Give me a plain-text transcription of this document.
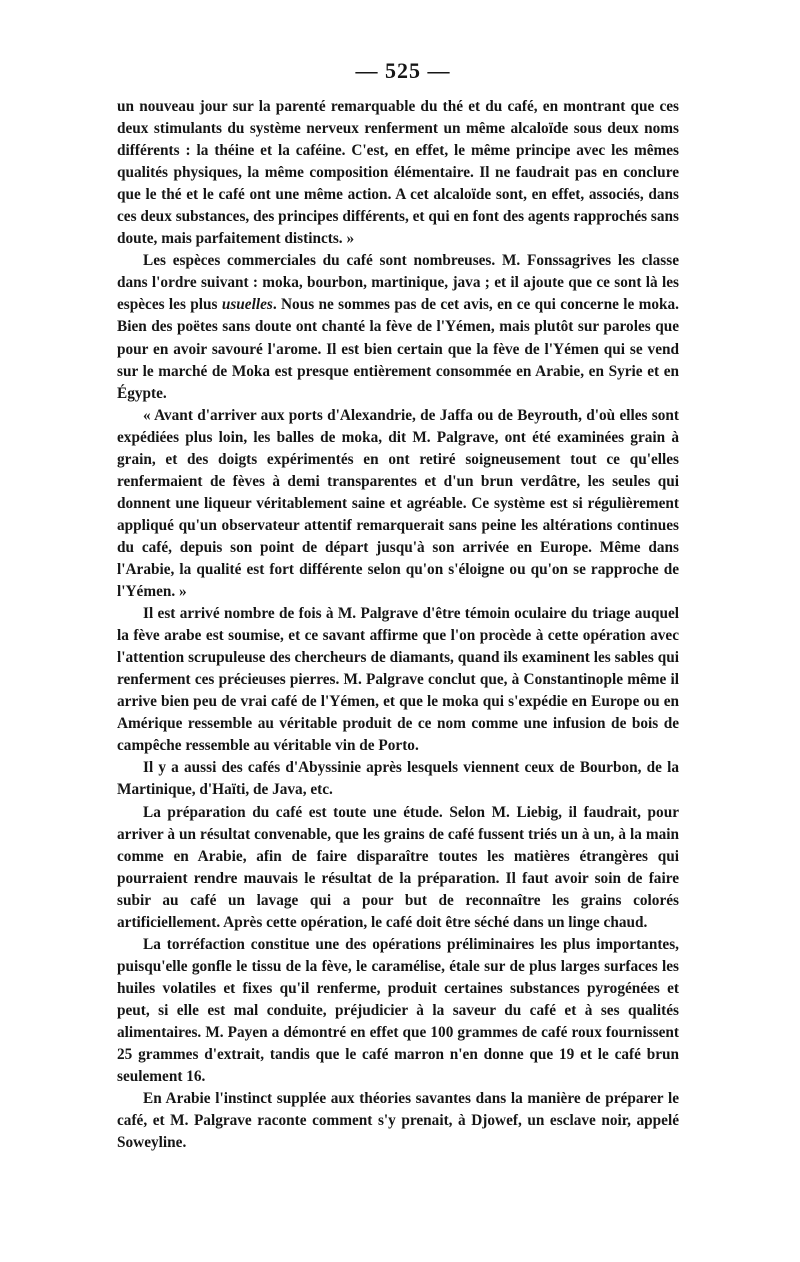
— 525 —

un nouveau jour sur la parenté remarquable du thé et du café, en montrant que ces deux stimulants du système nerveux renferment un même alcaloïde sous deux noms différents : la théine et la caféine. C'est, en effet, le même principe avec les mêmes qualités physiques, la même composition élémentaire. Il ne faudrait pas en conclure que le thé et le café ont une même action. A cet alcaloïde sont, en effet, associés, dans ces deux substances, des principes différents, et qui en font des agents rapprochés sans doute, mais parfaitement distincts. »

Les espèces commerciales du café sont nombreuses. M. Fonssagrives les classe dans l'ordre suivant : moka, bourbon, martinique, java ; et il ajoute que ce sont là les espèces les plus usuelles. Nous ne sommes pas de cet avis, en ce qui concerne le moka. Bien des poëtes sans doute ont chanté la fève de l'Yémen, mais plutôt sur paroles que pour en avoir savouré l'arome. Il est bien certain que la fève de l'Yémen qui se vend sur le marché de Moka est presque entièrement consommée en Arabie, en Syrie et en Égypte.

« Avant d'arriver aux ports d'Alexandrie, de Jaffa ou de Beyrouth, d'où elles sont expédiées plus loin, les balles de moka, dit M. Palgrave, ont été examinées grain à grain, et des doigts expérimentés en ont retiré soigneusement tout ce qu'elles renfermaient de fèves à demi transparentes et d'un brun verdâtre, les seules qui donnent une liqueur véritablement saine et agréable. Ce système est si régulièrement appliqué qu'un observateur attentif remarquerait sans peine les altérations continues du café, depuis son point de départ jusqu'à son arrivée en Europe. Même dans l'Arabie, la qualité est fort différente selon qu'on s'éloigne ou qu'on se rapproche de l'Yémen. »

Il est arrivé nombre de fois à M. Palgrave d'être témoin oculaire du triage auquel la fève arabe est soumise, et ce savant affirme que l'on procède à cette opération avec l'attention scrupuleuse des chercheurs de diamants, quand ils examinent les sables qui renferment ces précieuses pierres. M. Palgrave conclut que, à Constantinople même il arrive bien peu de vrai café de l'Yémen, et que le moka qui s'expédie en Europe ou en Amérique ressemble au véritable produit de ce nom comme une infusion de bois de campêche ressemble au véritable vin de Porto.

Il y a aussi des cafés d'Abyssinie après lesquels viennent ceux de Bourbon, de la Martinique, d'Haïti, de Java, etc.

La préparation du café est toute une étude. Selon M. Liebig, il faudrait, pour arriver à un résultat convenable, que les grains de café fussent triés un à un, à la main comme en Arabie, afin de faire disparaître toutes les matières étrangères qui pourraient rendre mauvais le résultat de la préparation. Il faut avoir soin de faire subir au café un lavage qui a pour but de reconnaître les grains colorés artificiellement. Après cette opération, le café doit être séché dans un linge chaud.

La torréfaction constitue une des opérations préliminaires les plus importantes, puisqu'elle gonfle le tissu de la fève, le caramélise, étale sur de plus larges surfaces les huiles volatiles et fixes qu'il renferme, produit certaines substances pyrogénées et peut, si elle est mal conduite, préjudicier à la saveur du café et à ses qualités alimentaires. M. Payen a démontré en effet que 100 grammes de café roux fournissent 25 grammes d'extrait, tandis que le café marron n'en donne que 19 et le café brun seulement 16.

En Arabie l'instinct supplée aux théories savantes dans la manière de préparer le café, et M. Palgrave raconte comment s'y prenait, à Djowef, un esclave noir, appelé Soweyline.
